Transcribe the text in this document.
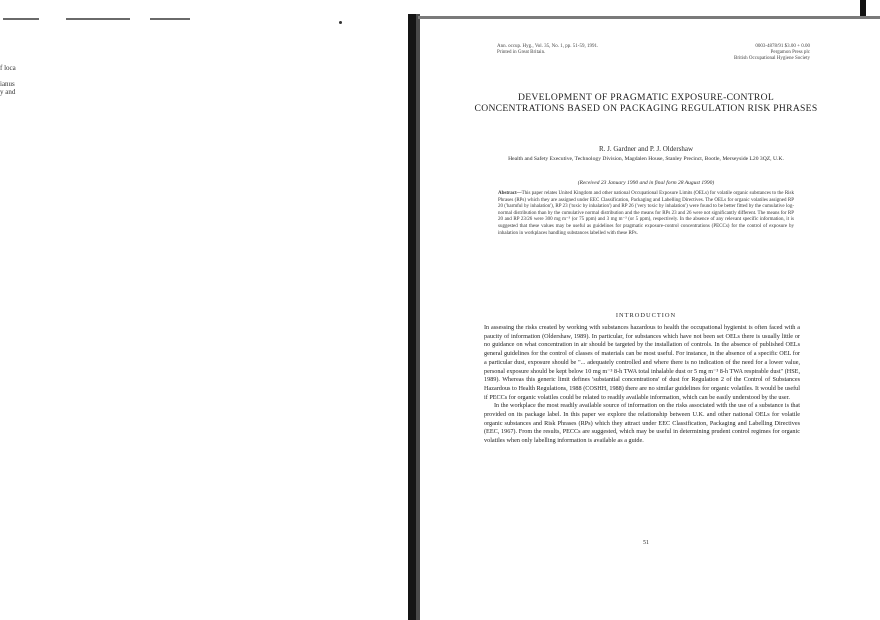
f loca
ianus
y and
Ann. occup. Hyg., Vol. 35, No. 1, pp. 51-59, 1991.
Printed in Great Britain.
0003-4878/91 $3.00 + 0.00
Pergamon Press plc
British Occupational Hygiene Society
DEVELOPMENT OF PRAGMATIC EXPOSURE-CONTROL CONCENTRATIONS BASED ON PACKAGING REGULATION RISK PHRASES
R. J. Gardner and P. J. Oldershaw
Health and Safety Executive, Technology Division, Magdalen House, Stanley Precinct, Bootle, Merseyside L20 3QZ, U.K.
(Received 23 January 1990 and in final form 28 August 1990)
Abstract—This paper relates United Kingdom and other national Occupational Exposure Limits (OELs) for volatile organic substances to the Risk Phrases (RPs) which they are assigned under EEC Classification, Packaging and Labelling Directives. The OELs for organic volatiles assigned RP 20 ('harmful by inhalation'), RP 23 ('toxic by inhalation') and RP 26 ('very toxic by inhalation') were found to be better fitted by the cumulative log-normal distribution than by the cumulative normal distribution and the means for RPs 23 and 26 were not significantly different. The means for RP 20 and RP 23/26 were 300 mg m⁻³ (or 75 ppm) and 3 mg m⁻³ (or 5 ppm), respectively. In the absence of any relevant specific information, it is suggested that these values may be useful as guidelines for pragmatic exposure-control concentrations (PECCs) for the control of exposure by inhalation in workplaces handling substances labelled with these RPs.
INTRODUCTION

In assessing the risks created by working with substances hazardous to health the occupational hygienist is often faced with a paucity of information (Oldershaw, 1989). In particular, for substances which have not been set OELs there is usually little or no guidance on what concentration in air should be targeted by the installation of controls. In the absence of published OELs general guidelines for the control of classes of materials can be most useful. For instance, in the absence of a specific OEL for a particular dust, exposure should be "... adequately controlled and where there is no indication of the need for a lower value, personal exposure should be kept below 10 mg m⁻³ 8-h TWA total inhalable dust or 5 mg m⁻³ 8-h TWA respirable dust" (HSE, 1989). Whereas this generic limit defines 'substantial concentrations' of dust for Regulation 2 of the Control of Substances Hazardous to Health Regulations, 1988 (COSHH, 1988) there are no similar guidelines for organic volatiles. It would be useful if PECCs for organic volatiles could be related to readily available information, which can be easily understood by the user.

In the workplace the most readily available source of information on the risks associated with the use of a substance is that provided on its package label. In this paper we explore the relationship between U.K. and other national OELs for volatile organic substances and Risk Phrases (RPs) which they attract under EEC Classification, Packaging and Labelling Directives (EEC, 1967). From the results, PECCs are suggested, which may be useful in determining prudent control regimes for organic volatiles when only labelling information is available as a guide.

51
